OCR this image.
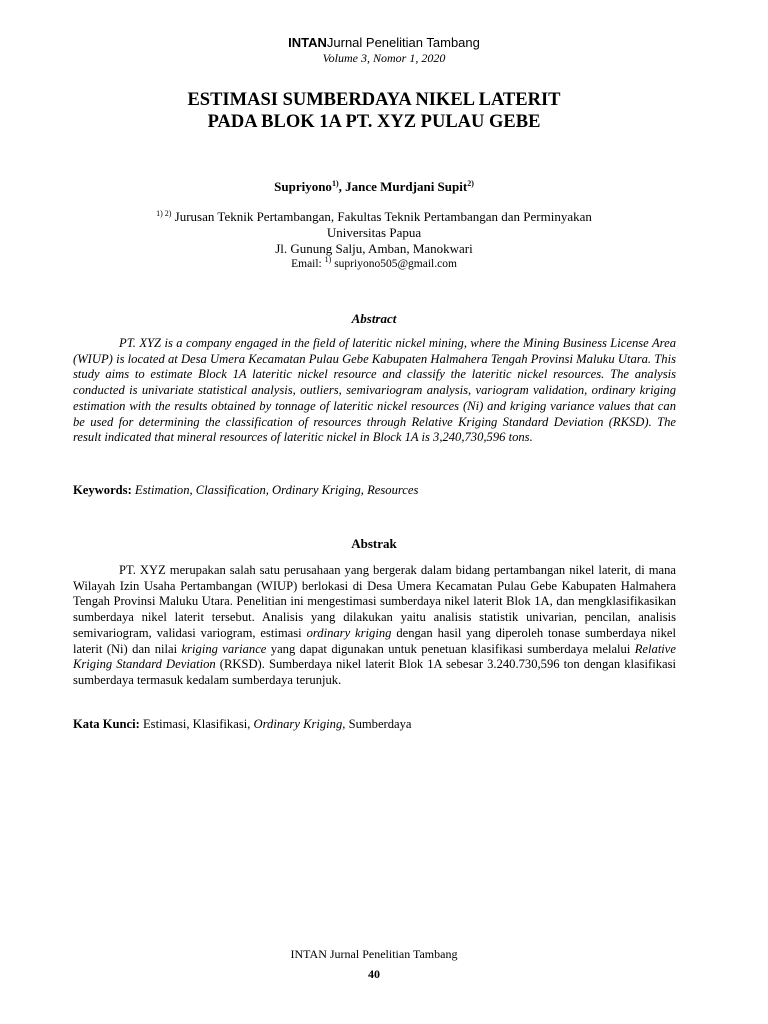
INTANJurnal Penelitian Tambang
Volume 3, Nomor 1, 2020
ESTIMASI SUMBERDAYA NIKEL LATERIT
PADA BLOK 1A PT. XYZ PULAU GEBE
Supriyono$^{1)}$, Jance Murdjani Supit$^{2)}$
$^{1) 2)}$ Jurusan Teknik Pertambangan, Fakultas Teknik Pertambangan dan Perminyakan
Universitas Papua
Jl. Gunung Salju, Amban, Manokwari
Email: $^{1)}$ supriyono505@gmail.com
Abstract
PT. XYZ is a company engaged in the field of lateritic nickel mining, where the Mining Business License Area (WIUP) is located at Desa Umera Kecamatan Pulau Gebe Kabupaten Halmahera Tengah Provinsi Maluku Utara. This study aims to estimate Block 1A lateritic nickel resource and classify the lateritic nickel resources. The analysis conducted is univariate statistical analysis, outliers, semivariogram analysis, variogram validation, ordinary kriging estimation with the results obtained by tonnage of lateritic nickel resources (Ni) and kriging variance values that can be used for determining the classification of resources through Relative Kriging Standard Deviation (RKSD). The result indicated that mineral resources of lateritic nickel in Block 1A is 3,240,730,596 tons.
Keywords: Estimation, Classification, Ordinary Kriging, Resources
Abstrak
PT. XYZ merupakan salah satu perusahaan yang bergerak dalam bidang pertambangan nikel laterit, di mana Wilayah Izin Usaha Pertambangan (WIUP) berlokasi di Desa Umera Kecamatan Pulau Gebe Kabupaten Halmahera Tengah Provinsi Maluku Utara. Penelitian ini mengestimasi sumberdaya nikel laterit Blok 1A, dan mengklasifikasikan sumberdaya nikel laterit tersebut. Analisis yang dilakukan yaitu analisis statistik univarian, pencilan, analisis semivariogram, validasi variogram, estimasi ordinary kriging dengan hasil yang diperoleh tonase sumberdaya nikel laterit (Ni) dan nilai kriging variance yang dapat digunakan untuk penetuan klasifikasi sumberdaya melalui Relative Kriging Standard Deviation (RKSD). Sumberdaya nikel laterit Blok 1A sebesar 3.240.730,596 ton dengan klasifikasi sumberdaya termasuk kedalam sumberdaya terunjuk.
Kata Kunci: Estimasi, Klasifikasi, Ordinary Kriging, Sumberdaya
INTAN Jurnal Penelitian Tambang
40
